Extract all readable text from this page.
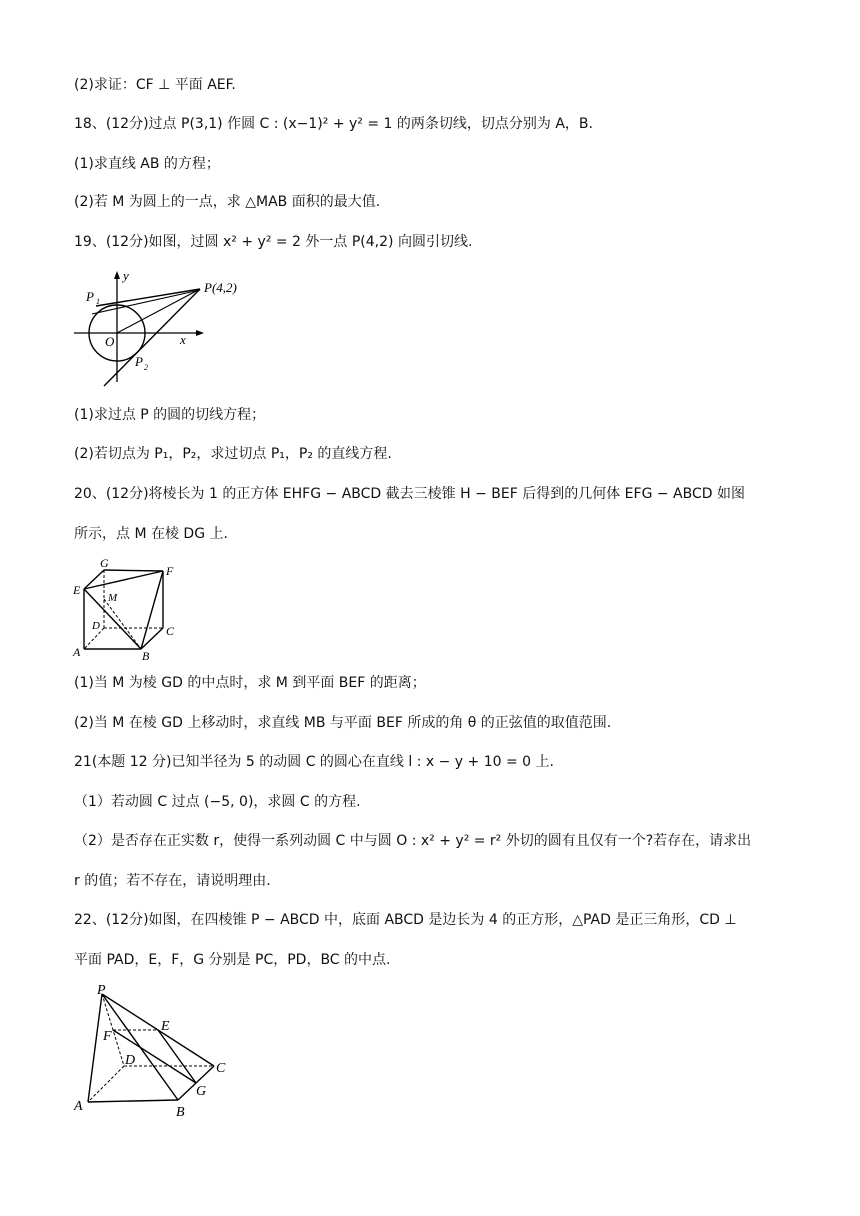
(2)求证：CF ⊥ 平面 AEF.
18、(12分)过点 P(3,1) 作圆 C : (x−1)² + y² = 1 的两条切线，切点分别为 A，B.
(1)求直线 AB 的方程；
(2)若 M 为圆上的一点，求 △MAB 面积的最大值.
19、(12分)如图，过圆 x² + y² = 2 外一点 P(4,2) 向圆引切线.
y
P(4,2)
P 1
O	x
P 2
(1)求过点 P 的圆的切线方程；
(2)若切点为 P₁，P₂，求过切点 P₁，P₂ 的直线方程.
20、(12分)将棱长为 1 的正方体 EHFG − ABCD 截去三棱锥 H − BEF 后得到的几何体 EFG − ABCD 如图
所示，点 M 在棱 DG 上.
G
F
E
M
D	C
A	B
(1)当 M 为棱 GD 的中点时，求 M 到平面 BEF 的距离；
(2)当 M 在棱 GD 上移动时，求直线 MB 与平面 BEF 所成的角 θ 的正弦值的取值范围.
21(本题 12 分)已知半径为 5 的动圆 C 的圆心在直线 l : x − y + 10 = 0 上.
（1）若动圆 C 过点 (−5, 0)，求圆 C 的方程.
（2）是否存在正实数 r，使得一系列动圆 C 中与圆 O : x² + y² = r² 外切的圆有且仅有一个?若存在，请求出
r 的值；若不存在，请说明理由.
22、(12分)如图，在四棱锥 P − ABCD 中，底面 ABCD 是边长为 4 的正方形，△PAD 是正三角形，CD ⊥
平面 PAD，E，F，G 分别是 PC，PD，BC 的中点.
P
E
F
D
C
G
A	B
